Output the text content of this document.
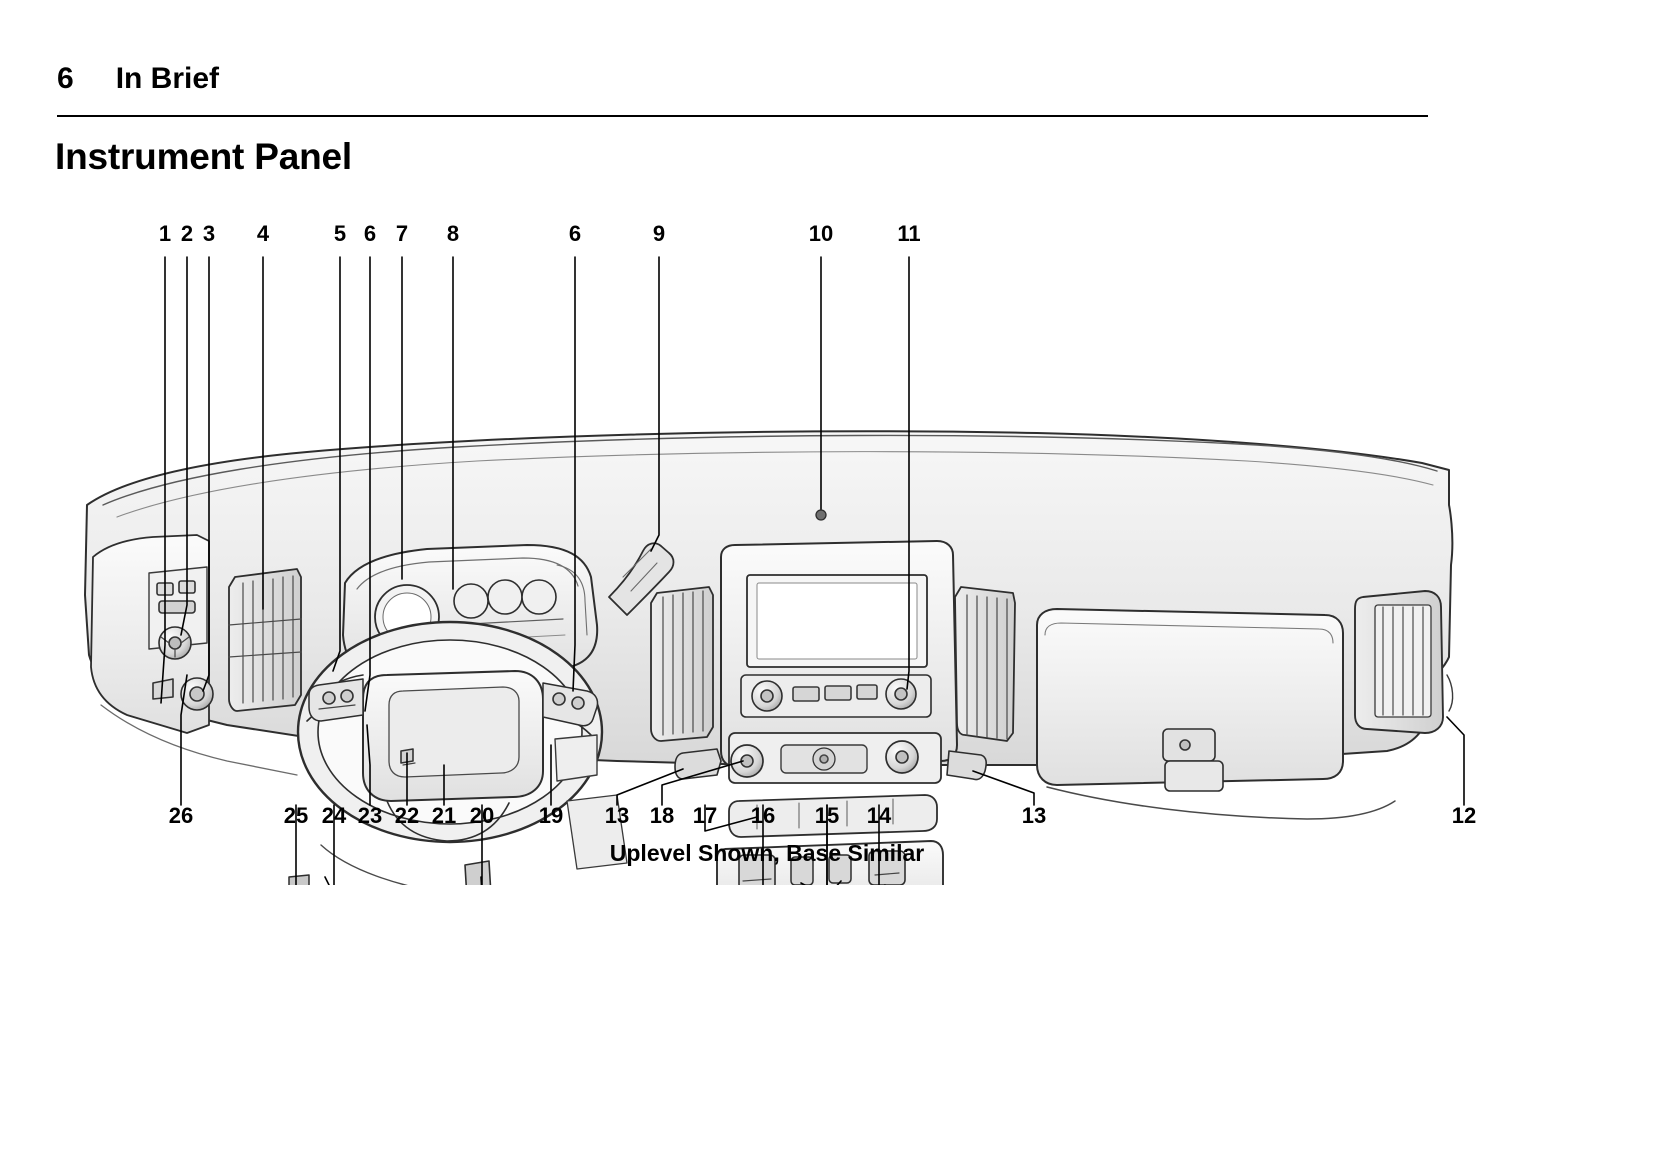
6 In Brief
Instrument Panel
1 2 3 4	5 6 7 8	6	9	10	11
26	25 24 23 22 21 20 19 13 18 17 16 15 14	13	12
Uplevel Shown, Base Similar
